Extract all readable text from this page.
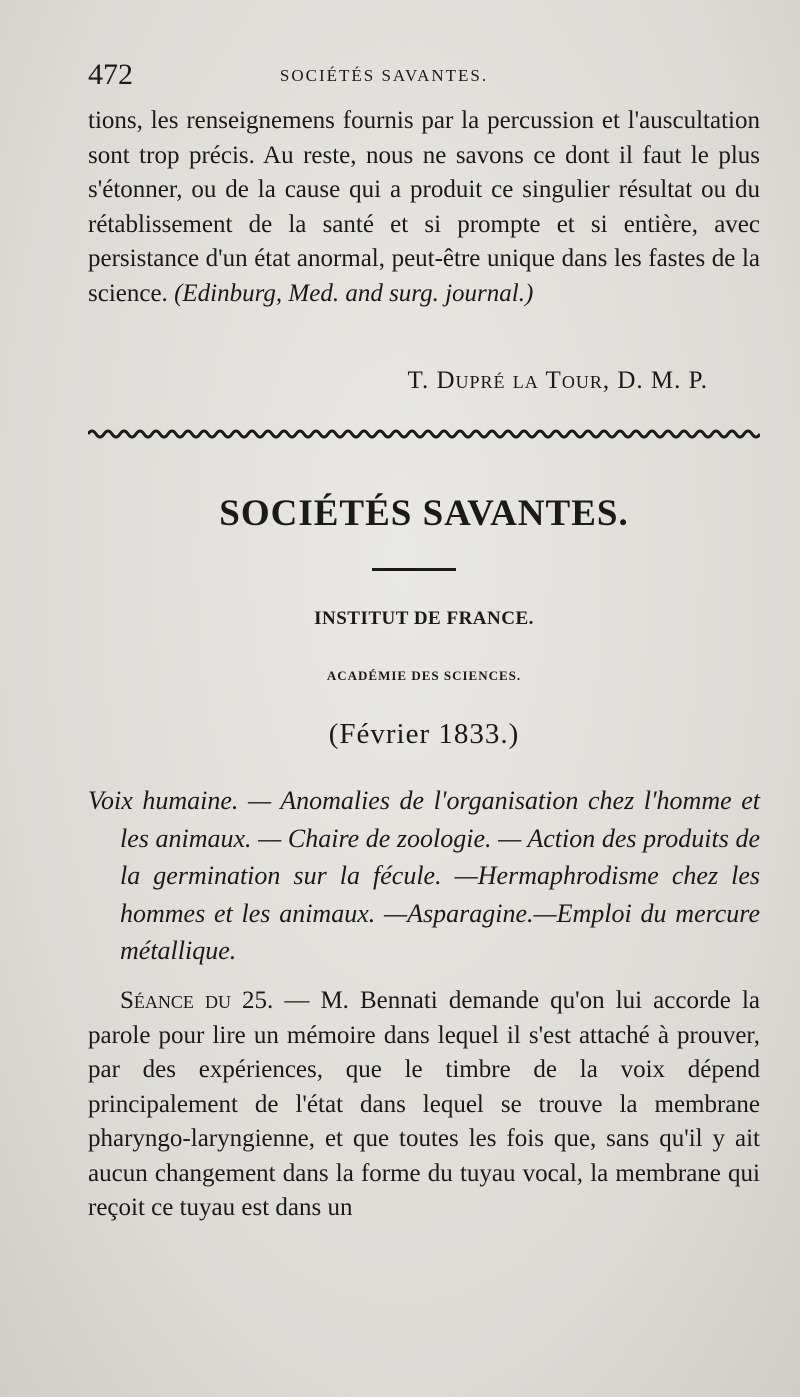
472	SOCIÉTÉS SAVANTES.

tions, les renseignemens fournis par la percussion et l'auscultation sont trop précis. Au reste, nous ne savons ce dont il faut le plus s'étonner, ou de la cause qui a produit ce singulier résultat ou du rétablissement de la santé et si prompte et si entière, avec persistance d'un état anormal, peut-être unique dans les fastes de la science. (Edinburg, Med. and surg. journal.)

T. Dupré la Tour, D. M. P.
SOCIÉTÉS SAVANTES.
INSTITUT DE FRANCE.
ACADÉMIE DES SCIENCES.
(Février 1833.)

Voix humaine. — Anomalies de l'organisation chez l'homme et les animaux. — Chaire de zoologie. — Action des produits de la germination sur la fécule. —Hermaphrodisme chez les hommes et les animaux. —Asparagine.—Emploi du mercure métallique.

Séance du 25. — M. Bennati demande qu'on lui accorde la parole pour lire un mémoire dans lequel il s'est attaché à prouver, par des expériences, que le timbre de la voix dépend principalement de l'état dans lequel se trouve la membrane pharyngo-laryngienne, et que toutes les fois que, sans qu'il y ait aucun changement dans la forme du tuyau vocal, la membrane qui reçoit ce tuyau est dans un
